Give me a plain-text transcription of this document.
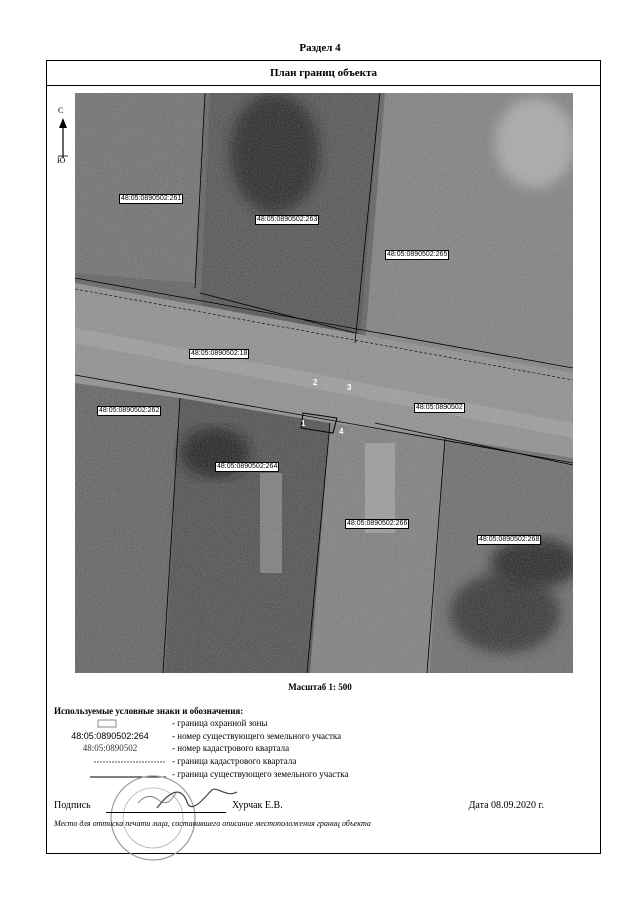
Раздел 4
План границ объекта
С
Ю
48:05:0890502:261
48:05:0890502:263
48:05:0890502:265
48:05:0890502:18
48:05:0890502:262
48:05:0890502:264
48:05:0890502:266
48:05:0890502:268
48:05:0890502
1
2
3
4
Масштаб 1: 500
Используемые условные знаки и обозначения:
- граница охранной зоны
48:05:0890502:264	- номер существующего земельного участка
48:05:0890502	- номер кадастрового квартала
- граница кадастрового квартала
- граница существующего земельного участка
Подпись	Хурчак Е.В.	Дата 08.09.2020 г.
Место для оттиска печати лица, составившего описание местоположения границ объекта
